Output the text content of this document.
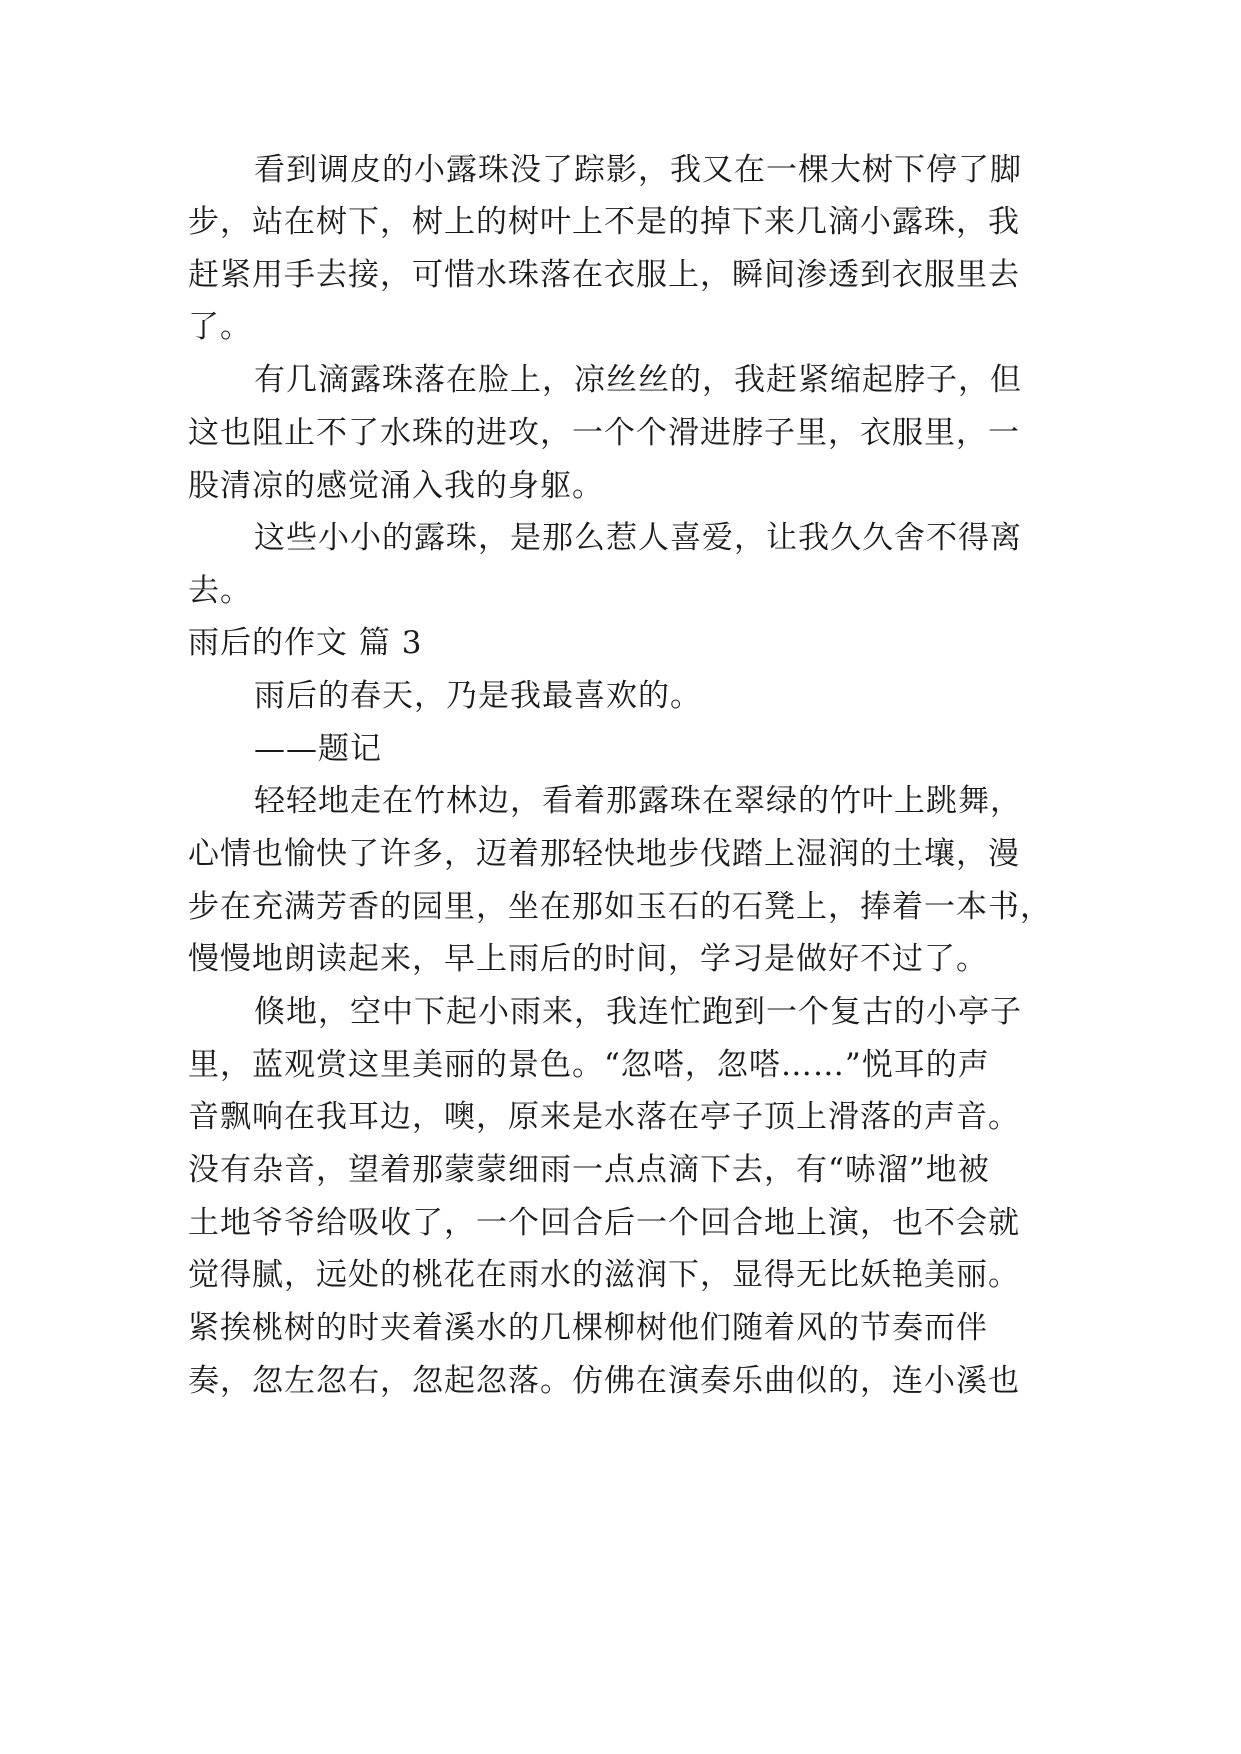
看到调皮的小露珠没了踪影，我又在一棵大树下停了脚
步，站在树下，树上的树叶上不是的掉下来几滴小露珠，我
赶紧用手去接，可惜水珠落在衣服上，瞬间渗透到衣服里去
了。
有几滴露珠落在脸上，凉丝丝的，我赶紧缩起脖子，但
这也阻止不了水珠的进攻，一个个滑进脖子里，衣服里，一
股清凉的感觉涌入我的身躯。
这些小小的露珠，是那么惹人喜爱，让我久久舍不得离
去。
雨后的作文 篇 3
雨后的春天，乃是我最喜欢的。
——题记
轻轻地走在竹林边，看着那露珠在翠绿的竹叶上跳舞，
心情也愉快了许多，迈着那轻快地步伐踏上湿润的土壤，漫
步在充满芳香的园里，坐在那如玉石的石凳上，捧着一本书，
慢慢地朗读起来，早上雨后的时间，学习是做好不过了。
倏地，空中下起小雨来，我连忙跑到一个复古的小亭子
里，蓝观赏这里美丽的景色。“忽嗒，忽嗒……”悦耳的声
音飘响在我耳边，噢，原来是水落在亭子顶上滑落的声音。
没有杂音，望着那蒙蒙细雨一点点滴下去，有“哧溜”地被
土地爷爷给吸收了，一个回合后一个回合地上演，也不会就
觉得腻，远处的桃花在雨水的滋润下，显得无比妖艳美丽。
紧挨桃树的时夹着溪水的几棵柳树他们随着风的节奏而伴
奏，忽左忽右，忽起忽落。仿佛在演奏乐曲似的，连小溪也
